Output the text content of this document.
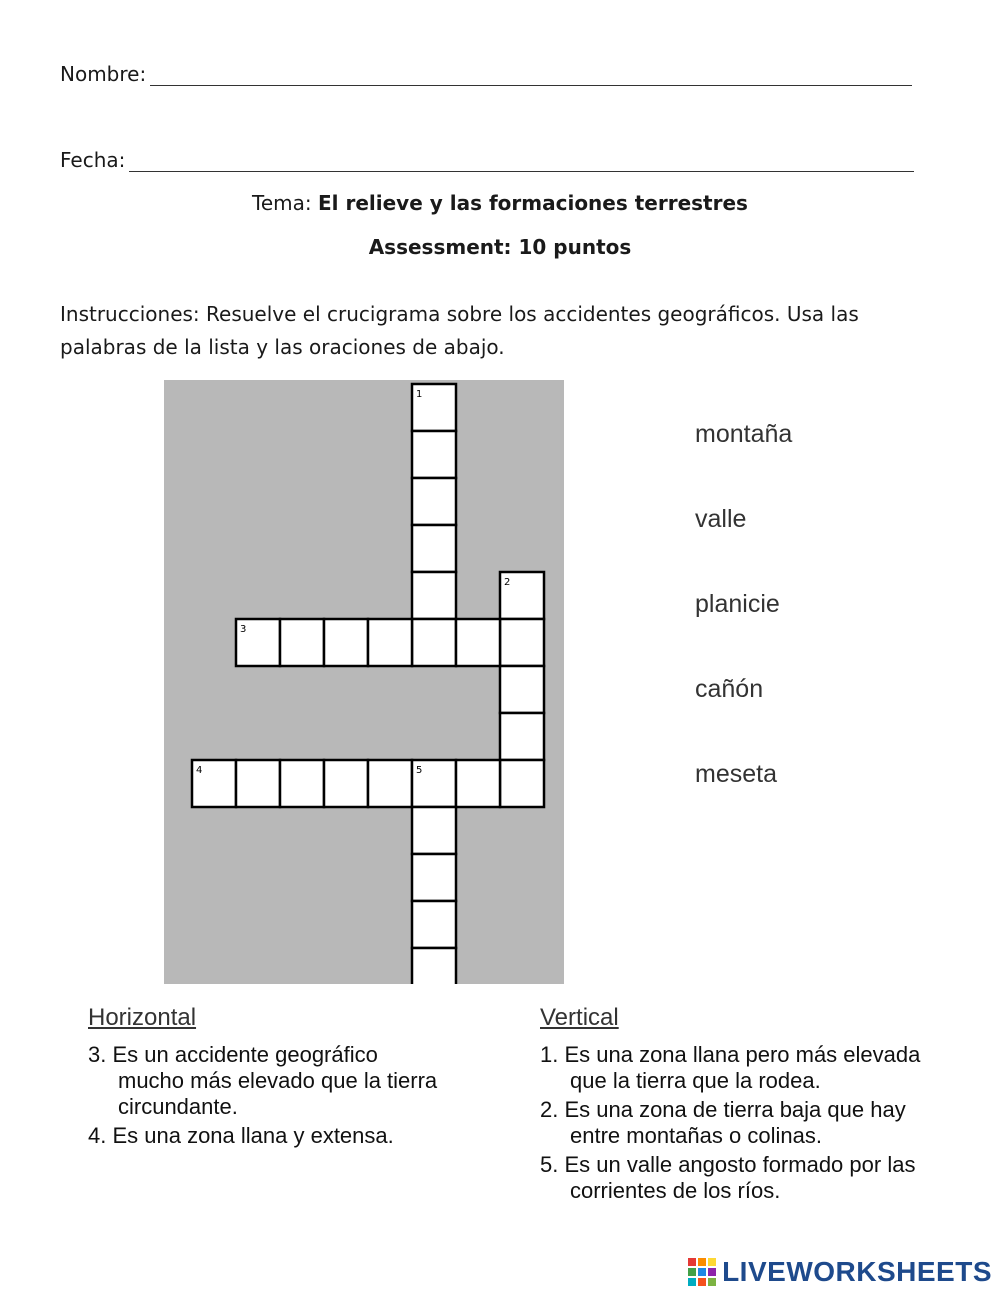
Nombre:
Fecha:
Tema: El relieve y las formaciones terrestres
Assessment: 10 puntos
Instrucciones: Resuelve el crucigrama sobre los accidentes geográficos. Usa las palabras de la lista y las oraciones de abajo.
1
2
3
4	5
montaña
valle
planicie
cañón
meseta
Horizontal
3. Es un accidente geográfico mucho más elevado que la tierra circundante.
4. Es una zona llana y extensa.
Vertical
1. Es una zona llana pero más elevada que la tierra que la rodea.
2. Es una zona de tierra baja que hay entre montañas o colinas.
5. Es un valle angosto formado por las corrientes de los ríos.
LIVEWORKSHEETS
